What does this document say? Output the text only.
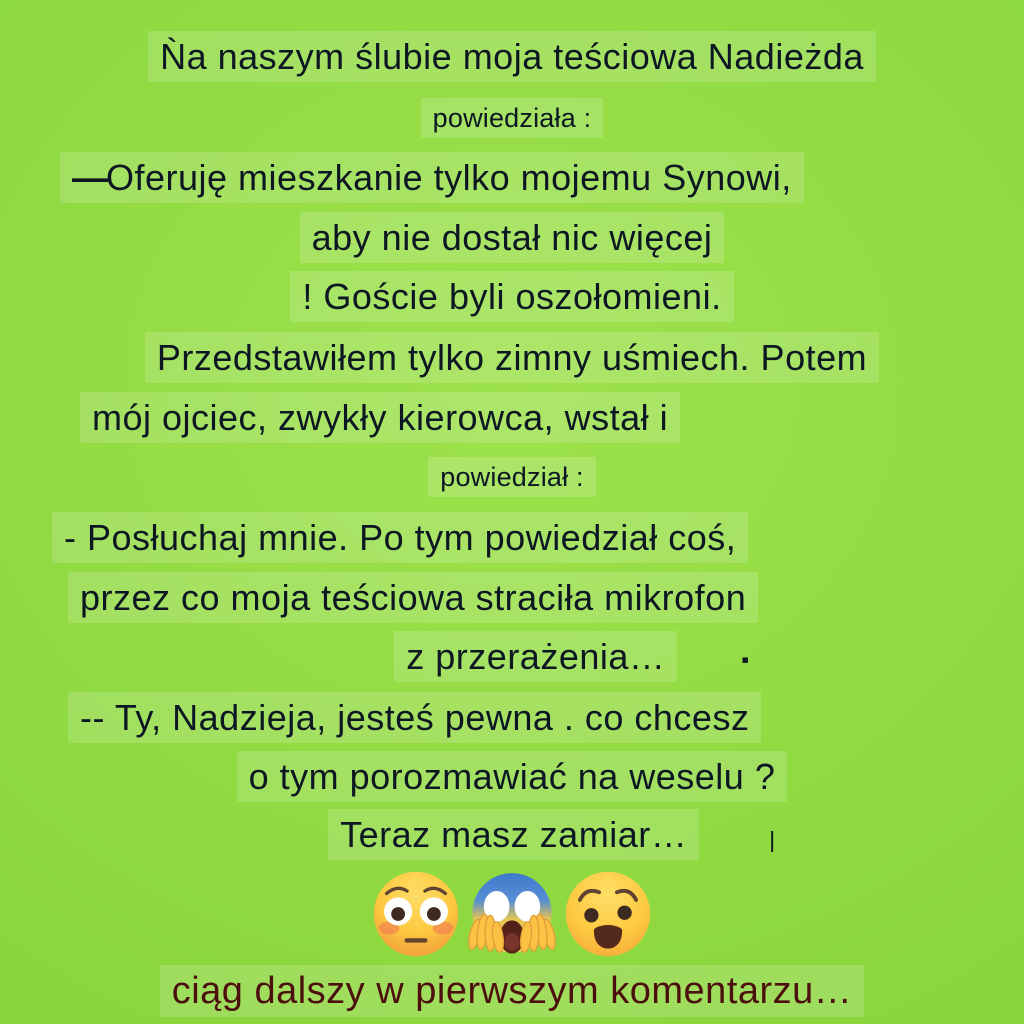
Ǹa naszym ślubie moja teściowa Nadieżda
powiedziała :
—Oferuję mieszkanie tylko mojemu Synowi,
aby nie dostał nic więcej
! Goście byli oszołomieni.
Przedstawiłem tylko zimny uśmiech. Potem
mój ojciec, zwykły kierowca, wstał i
powiedział :
- Posłuchaj mnie. Po tym powiedział coś,
przez co moja teściowa straciła mikrofon
z przerażenia…	▪
-- Ty, Nadzieja, jesteś pewna . co chcesz
o tym porozmawiać na weselu ?
Teraz masz zamiar…	|
ciąg dalszy w pierwszym komentarzu…
